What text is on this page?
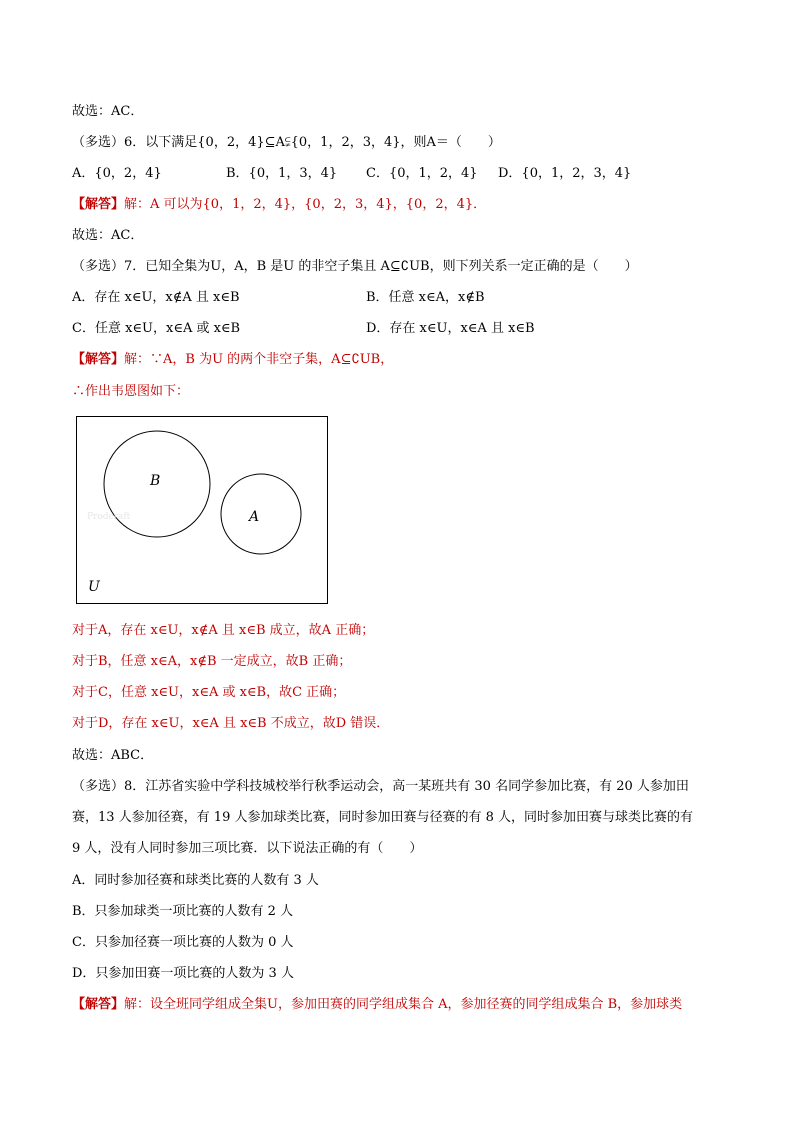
故选：AC．
（多选）6．以下满足{0，2，4}⊆A⫋{0，1，2，3，4}，则A＝（　　）
A．{0，2，4}	B．{0，1，3，4} C．{0，1，2，4} D．{0，1，2，3，4}
【解答】解：A 可以为{0，1，2，4}，{0，2，3，4}，{0，2，4}．
故选：AC．
（多选）7．已知全集为U，A，B 是U 的非空子集且 A⊆∁UB，则下列关系一定正确的是（　　）
A．存在 x∈U，x∉A 且 x∈B	B．任意 x∈A，x∉B
C．任意 x∈U，x∈A 或 x∈B	D．存在 x∈U，x∈A 且 x∈B
【解答】解：∵A，B 为U 的两个非空子集，A⊆∁UB，
∴作出韦恩图如下：
Prodcraft
B
A
U
对于A，存在 x∈U，x∉A 且 x∈B 成立，故A 正确；
对于B，任意 x∈A，x∉B 一定成立，故B 正确；
对于C，任意 x∈U，x∈A 或 x∈B，故C 正确；
对于D，存在 x∈U，x∈A 且 x∈B 不成立，故D 错误．
故选：ABC．
（多选）8．江苏省实验中学科技城校举行秋季运动会，高一某班共有 30 名同学参加比赛，有 20 人参加田
赛，13 人参加径赛，有 19 人参加球类比赛，同时参加田赛与径赛的有 8 人，同时参加田赛与球类比赛的有
9 人，没有人同时参加三项比赛．以下说法正确的有（　　）
A．同时参加径赛和球类比赛的人数有 3 人
B．只参加球类一项比赛的人数有 2 人
C．只参加径赛一项比赛的人数为 0 人
D．只参加田赛一项比赛的人数为 3 人
【解答】解：设全班同学组成全集U，参加田赛的同学组成集合 A，参加径赛的同学组成集合 B，参加球类
